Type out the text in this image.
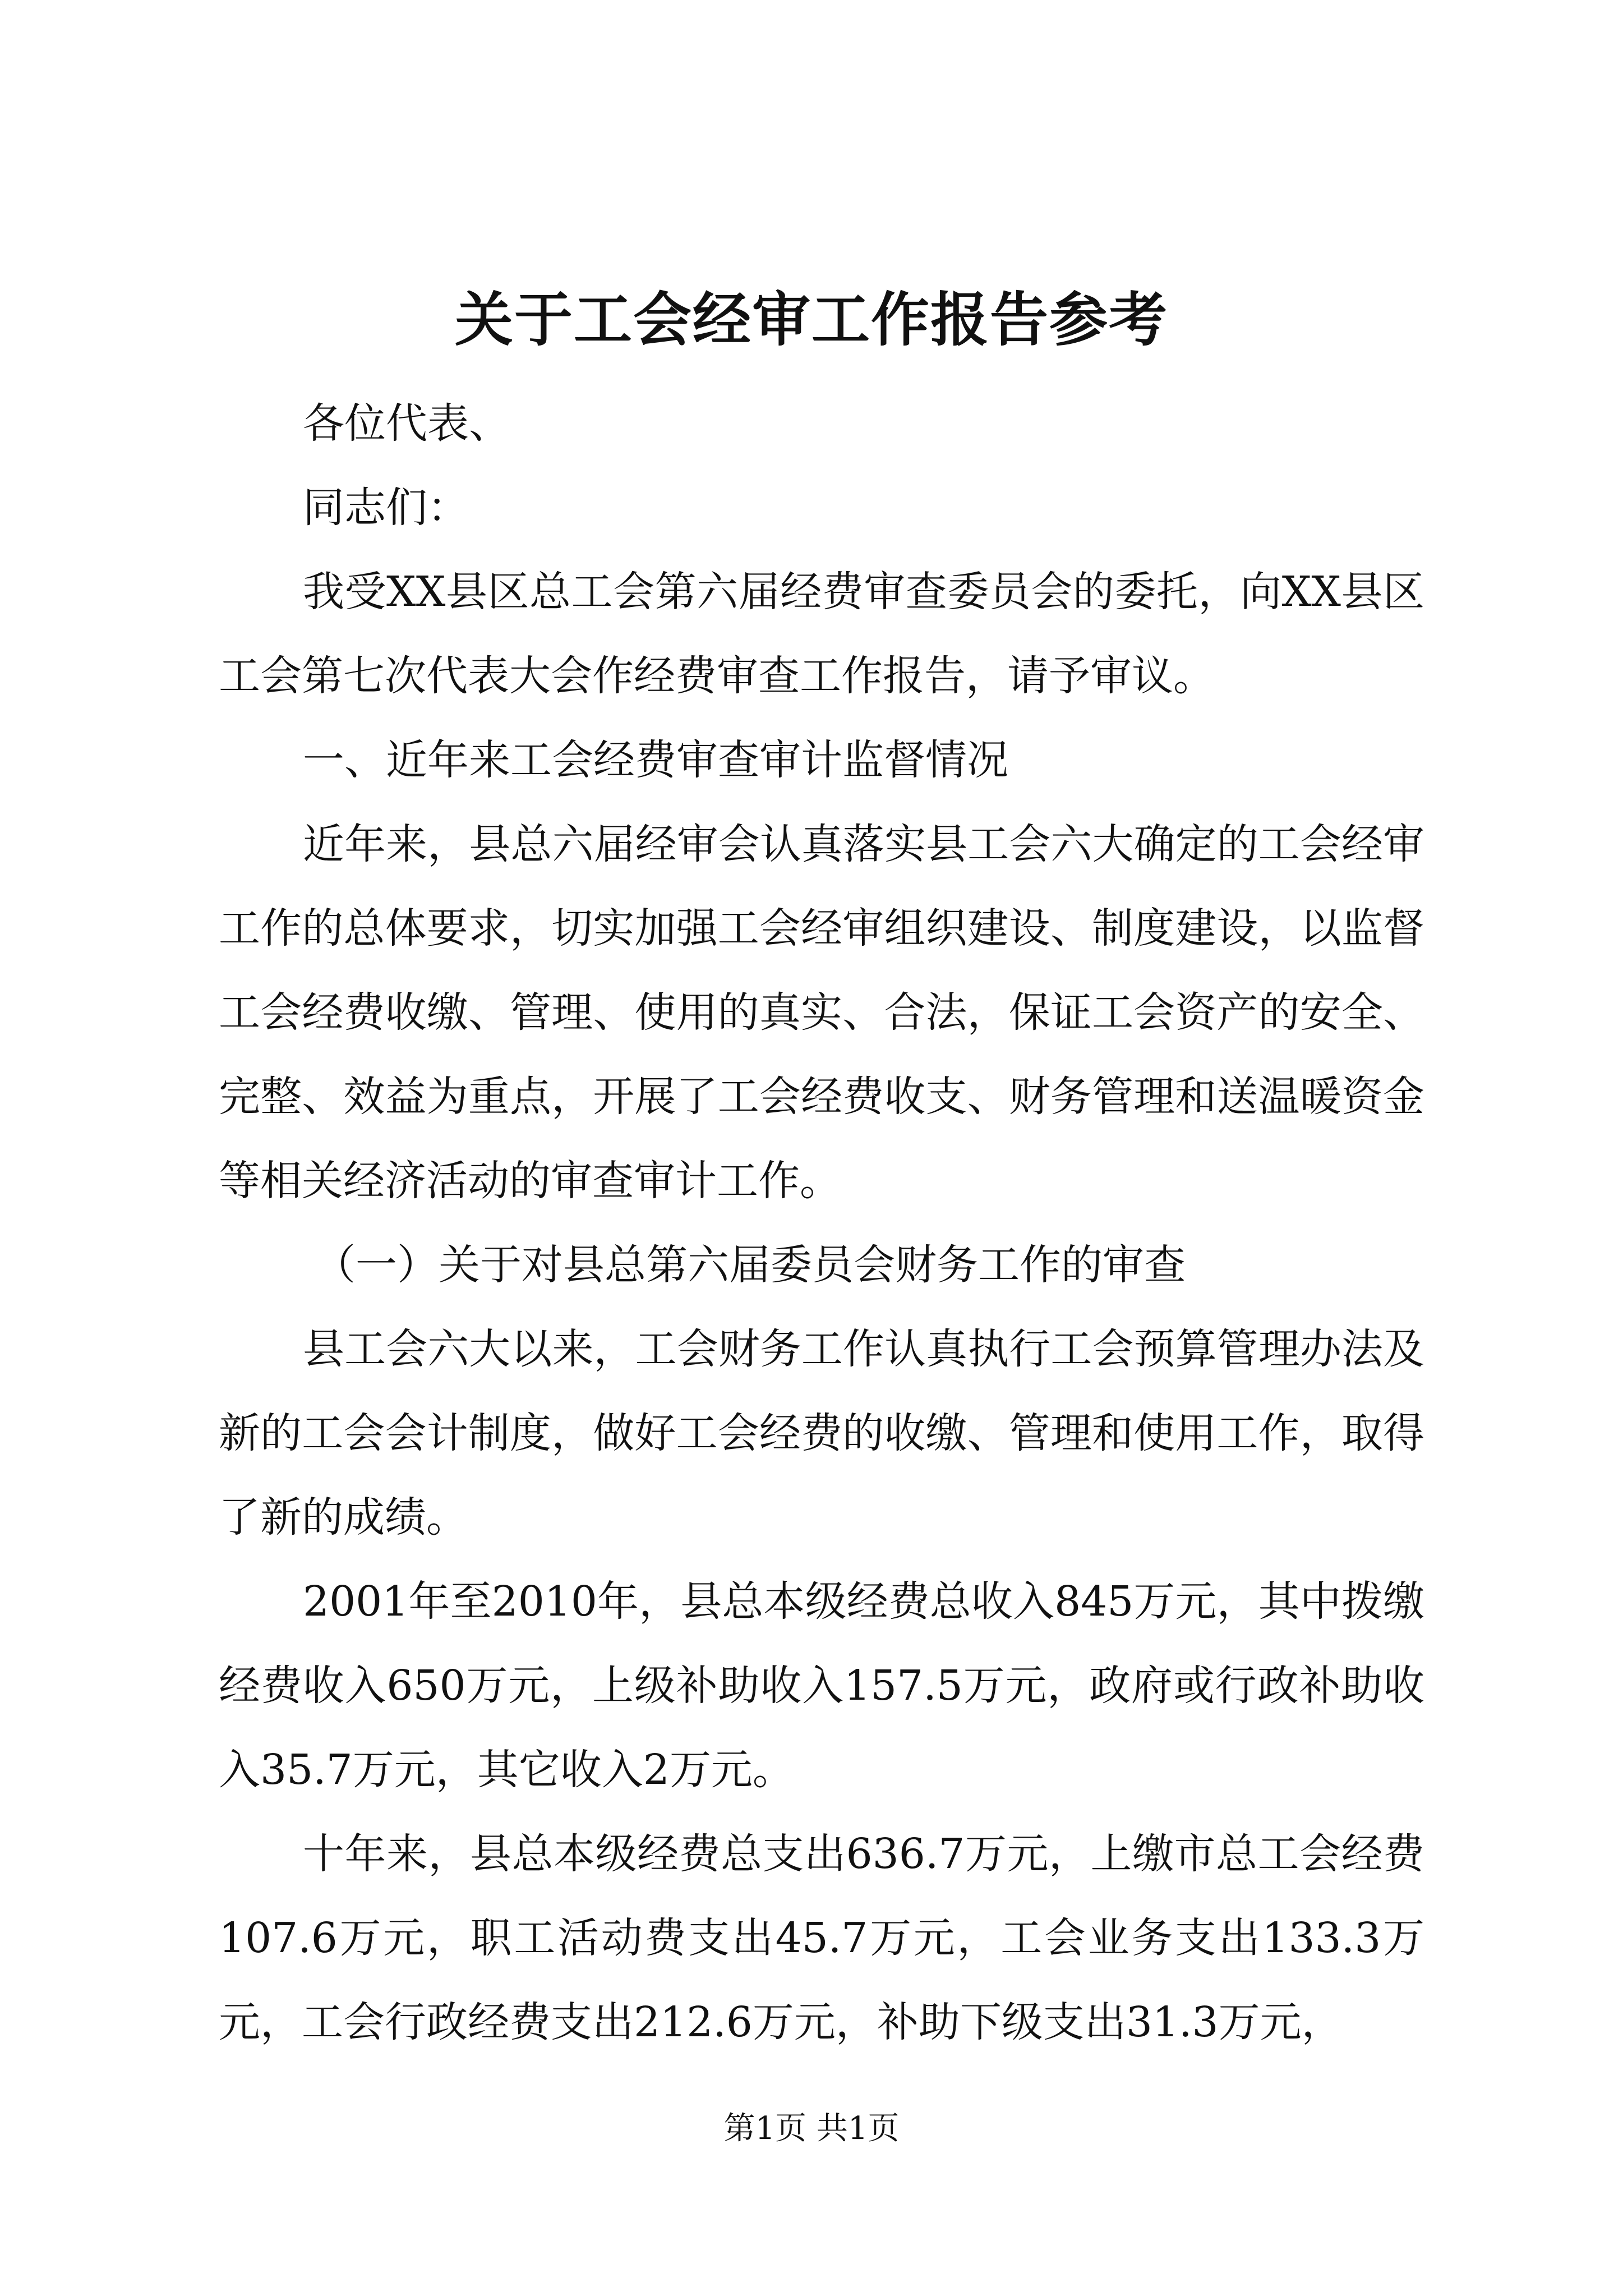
关于工会经审工作报告参考

各位代表、

同志们：

我受XX县区总工会第六届经费审查委员会的委托，向XX县区工会第七次代表大会作经费审查工作报告，请予审议。

一、近年来工会经费审查审计监督情况

近年来，县总六届经审会认真落实县工会六大确定的工会经审工作的总体要求，切实加强工会经审组织建设、制度建设，以监督工会经费收缴、管理、使用的真实、合法，保证工会资产的安全、完整、效益为重点，开展了工会经费收支、财务管理和送温暖资金等相关经济活动的审查审计工作。

（一）关于对县总第六届委员会财务工作的审查

县工会六大以来，工会财务工作认真执行工会预算管理办法及新的工会会计制度，做好工会经费的收缴、管理和使用工作，取得了新的成绩。

2001年至2010年，县总本级经费总收入845万元，其中拨缴经费收入650万元，上级补助收入157.5万元，政府或行政补助收入35.7万元，其它收入2万元。

十年来，县总本级经费总支出636.7万元，上缴市总工会经费107.6万元，职工活动费支出45.7万元，工会业务支出133.3万元，工会行政经费支出212.6万元，补助下级支出31.3万元，

第1页 共1页
